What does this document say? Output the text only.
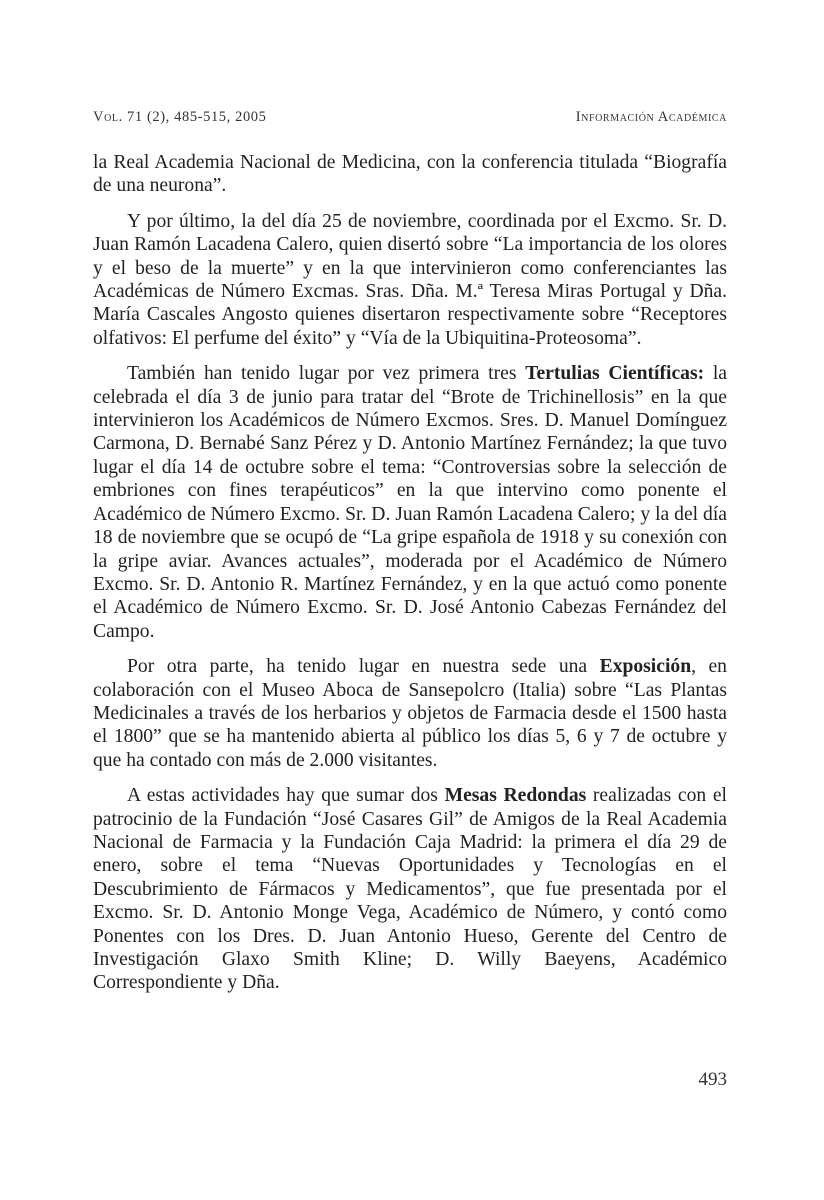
Vol. 71 (2), 485-515, 2005	Información Académica

la Real Academia Nacional de Medicina, con la conferencia titulada “Biografía de una neurona”.

Y por último, la del día 25 de noviembre, coordinada por el Excmo. Sr. D. Juan Ramón Lacadena Calero, quien disertó sobre “La importancia de los olores y el beso de la muerte” y en la que intervinieron como conferenciantes las Académicas de Número Excmas. Sras. Dña. M.ª Teresa Miras Portugal y Dña. María Cascales Angosto quienes disertaron respectivamente sobre “Receptores olfativos: El perfume del éxito” y “Vía de la Ubiquitina-Proteosoma”.

También han tenido lugar por vez primera tres Tertulias Científicas: la celebrada el día 3 de junio para tratar del “Brote de Trichinellosis” en la que intervinieron los Académicos de Número Excmos. Sres. D. Manuel Domínguez Carmona, D. Bernabé Sanz Pérez y D. Antonio Martínez Fernández; la que tuvo lugar el día 14 de octubre sobre el tema: “Controversias sobre la selección de embriones con fines terapéuticos” en la que intervino como ponente el Académico de Número Excmo. Sr. D. Juan Ramón Lacadena Calero; y la del día 18 de noviembre que se ocupó de “La gripe española de 1918 y su conexión con la gripe aviar. Avances actuales”, moderada por el Académico de Número Excmo. Sr. D. Antonio R. Martínez Fernández, y en la que actuó como ponente el Académico de Número Excmo. Sr. D. José Antonio Cabezas Fernández del Campo.

Por otra parte, ha tenido lugar en nuestra sede una Exposición, en colaboración con el Museo Aboca de Sansepolcro (Italia) sobre “Las Plantas Medicinales a través de los herbarios y objetos de Farmacia desde el 1500 hasta el 1800” que se ha mantenido abierta al público los días 5, 6 y 7 de octubre y que ha contado con más de 2.000 visitantes.

A estas actividades hay que sumar dos Mesas Redondas realizadas con el patrocinio de la Fundación “José Casares Gil” de Amigos de la Real Academia Nacional de Farmacia y la Fundación Caja Madrid: la primera el día 29 de enero, sobre el tema “Nuevas Oportunidades y Tecnologías en el Descubrimiento de Fármacos y Medicamentos”, que fue presentada por el Excmo. Sr. D. Antonio Monge Vega, Académico de Número, y contó como Ponentes con los Dres. D. Juan Antonio Hueso, Gerente del Centro de Investigación Glaxo Smith Kline; D. Willy Baeyens, Académico Correspondiente y Dña.

493
